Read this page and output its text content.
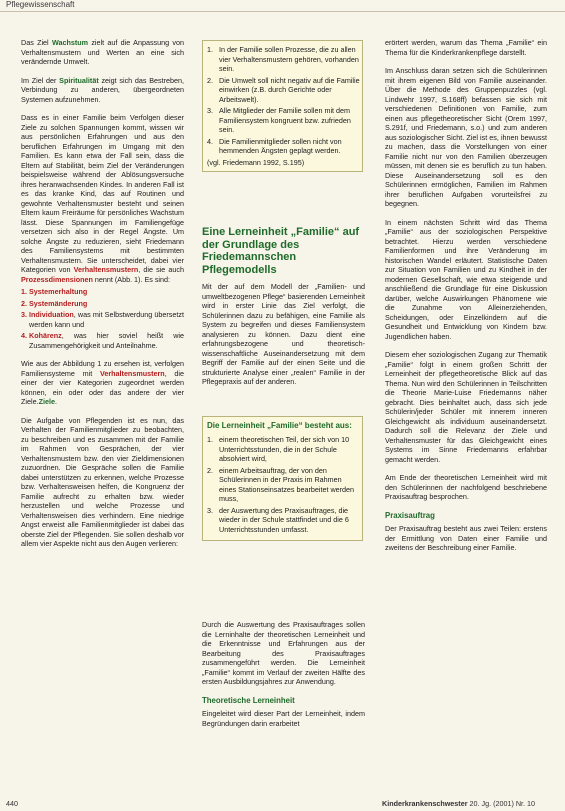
Pflegewissenschaft

Das Ziel Wachstum zielt auf die Anpassung von Verhaltensmustern und Werten an eine sich verändernde Umwelt.

Im Ziel der Spiritualität zeigt sich das Bestreben, Verbindung zu anderen, übergeordneten Systemen aufzunehmen.

Dass es in einer Familie beim Verfolgen dieser Ziele zu solchen Spannungen kommt, wissen wir aus persönlichen Erfahrungen und aus den beruflichen Erfahrungen im Umgang mit den Familien. Es kann etwa der Fall sein, dass die Eltern auf Stabilität, beim Ziel der Veränderungen beispielsweise während der Ablösungsversuche ihres heranwachsenden Kindes. In anderen Fall ist es das kranke Kind, das auf Routinen und gewohnte Verhaltensmuster besteht und seinen Eltern kaum Freiräume für persönliches Wachstum lässt. Diese Spannungen im Familiengefüge versetzen sich also in der Regel Ängste. Um solche Ängste zu reduzieren, sieht Friedemann des Familiensystems mit bestimmten Verhaltensmustern. Sie unterscheidet, dabei vier Kategorien von Verhaltensmustern, die sie auch Prozessdimensionen nennt (Abb. 1). Es sind:

1. Systemerhaltung
2. Systemänderung
3. Individuation, was mit Selbstwerdung übersetzt werden kann und
4. Kohärenz, was hier soviel heißt wie Zusammengehörigkeit und Anteilnahme.

Wie aus der Abbildung 1 zu ersehen ist, verfolgen Familiensysteme mit Verhaltensmustern, die einer der vier Kategorien zugeordnet werden können, ein oder oder das andere der vier Ziele.Ziele.

Die Aufgabe von Pflegenden ist es nun, das Verhalten der Familienmitglieder zu beobachten, zu beschreiben und es zusammen mit der Familie im Rahmen von Gesprächen, der vier Verhaltensmustern bzw. den vier Zieldimensionen zuzuordnen. Die Gespräche sollen die Familie dabei unterstützen zu erkennen, welche Prozesse bzw. Verhaltensweisen helfen, die Kongruenz der Familie aufrecht zu erhalten bzw. wieder herzustellen und welche Prozesse und Verhaltensweisen dies verhindern. Eine niedrige Angst erweist alle Familienmitglieder ist dabei das oberste Ziel der Pflegenden. Sie sollen deshalb vor allem vier Aspekte nicht aus den Augen verlieren:

1. In der Familie sollen Prozesse, die zu allen vier Verhaltensmustern gehören, vorhanden sein.
2. Die Umwelt soll nicht negativ auf die Familie einwirken (z.B. durch Gerichte oder Arbeitswelt).
3. Alle Mitglieder der Familie sollen mit dem Familiensystem kongruent bzw. zufrieden sein.
4. Die Familienmitglieder sollen nicht von hemmenden Ängsten geplagt werden.
(vgl. Friedemann 1992, S.195)
Eine Lerneinheit „Familie“ auf der Grundlage des Friedemannschen Pflegemodells

Mit der auf dem Modell der „Familien- und umweltbezogenen Pflege“ basierenden Lerneinheit wird in erster Linie das Ziel verfolgt, die Schülerinnen dazu zu befähigen, eine Familie als System zu begreifen und dieses Familiensystem analysieren zu können. Dazu dient eine erfahrungsbezogene und theoretisch-wissenschaftliche Auseinandersetzung mit dem Begriff der Familie auf der einen Seite und die strukturierte Analyse einer „realen“ Familie in der Pflegepraxis auf der anderen.

Die Lerneinheit „Familie“ besteht aus:
1. einem theoretischen Teil, der sich von 10 Unterrichtsstunden, die in der Schule absolviert wird,
2. einem Arbeitsauftrag, der von den Schülerinnen in der Praxis im Rahmen eines Stationseinsatzes bearbeitet werden muss,
3. der Auswertung des Praxisauftrages, die wieder in der Schule stattfindet und die 6 Unterrichtsstunden umfasst.

Durch die Auswertung des Praxisauftrages sollen die Lerninhalte der theoretischen Lerneinheit und die Erkenntnisse und Erfahrungen aus der Bearbeitung des Praxisauftrages zusammengeführt werden. Die Lerneinheit „Familie“ kommt im Verlauf der zweiten Hälfte des ersten Ausbildungsjahres zur Anwendung.

Theoretische Lerneinheit

Eingeleitet wird dieser Part der Lerneinheit, indem Begründungen darin erarbeitet

erörtert werden, warum das Thema „Familie“ ein Thema für die Kinderkrankenpflege darstellt.

Im Anschluss daran setzen sich die Schülerinnen mit ihrem eigenen Bild von Familie auseinander. Über die Methode des Gruppenpuzzles (vgl. Lindwehr 1997, S.168ff) befassen sie sich mit verschiedenen Definitionen von Familie, zum einen aus pflegetheoretischer Sicht (Orem 1997, S.291f, und Friedemann, s.o.) und zum anderen aus soziologischer Sicht. Ziel ist es, ihnen bewusst zu machen, dass die Vorstellungen von einer Familie nicht nur von den Familien überzeugen müssen, mit denen sie es beruflich zu tun haben. Diese Auseinandersetzung soll es den Schülerinnen ermöglichen, Familien im Rahmen ihrer beruflichen Aufgaben vorurteilsfrei zu begegnen.

In einem nächsten Schritt wird das Thema „Familie“ aus der soziologischen Perspektive betrachtet. Hierzu werden verschiedene Familienformen und ihre Veränderung im historischen Wandel erläutert. Statistische Daten zur Situation von Familien und zu Kindheit in der modernen Gesellschaft, wie etwa steigende und anschließend die Grundlage für eine Diskussion darüber, welche Auswirkungen Phänomene wie die Zunahme von Alleinerziehenden, Scheidungen, oder Einzelkindern auf die Gesundheit und Entwicklung von Kindern bzw. Jugendlichen haben.

Diesem eher soziologischen Zugang zur Thematik „Familie“ folgt in einem großen Schritt der Lerneinheit der pflegetheoretische Blick auf das Thema. Nun wird den Schülerinnen in Teilschritten die Theorie Marie-Luise Friedemanns näher gebracht. Dies beinhaltet auch, dass sich jede Schülerin/jeder Schüler mit innerem inneren Gleichgewicht als individuum auseinandersetzt. Dadurch soll die Relevanz der Ziele und Verhaltensmuster für das Gleichgewicht eines Systems im Sinne Friedemanns erfahrbar gemacht werden.

Am Ende der theoretischen Lerneinheit wird mit den Schülerinnen der nachfolgend beschriebene Praxisauftrag besprochen.

Praxisauftrag

Der Praxisauftrag besteht aus zwei Teilen: erstens der Ermittlung von Daten einer Familie und zweitens der Beschreibung einer Familie.

440	Kinderkrankenschwester 20. Jg. (2001) Nr. 10
